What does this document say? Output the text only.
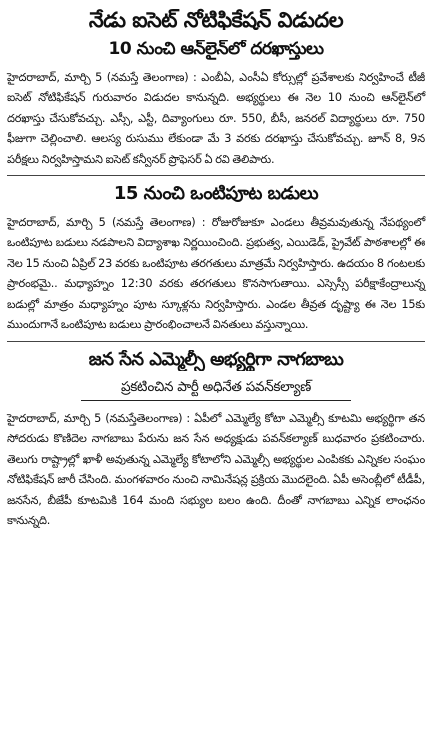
నేడు ఐసెట్ నోటిఫికేషన్ విడుదల
10 నుంచి ఆన్‌లైన్‌లో దరఖాస్తులు
హైదరాబాద్, మార్చి 5 (నమస్తే తెలంగాణ) : ఎంబీఏ, ఎంసీఏ కోర్సుల్లో ప్రవేశాలకు నిర్వహించే టీజీ ఐసెట్ నోటిఫికేషన్ గురువారం విడుదల కానున్నది. అభ్యర్థులు ఈ నెల 10 నుంచి ఆన్‌లైన్‌లో దరఖాస్తు చేసుకోవచ్చు. ఎస్సీ, ఎస్టీ, దివ్యాంగులు రూ. 550, బీసీ, జనరల్ విద్యార్థులు రూ. 750 ఫీజుగా చెల్లించాలి. ఆలస్య రుసుము లేకుండా మే 3 వరకు దరఖాస్తు చేసుకోవచ్చు. జూన్ 8, 9న పరీక్షలు నిర్వహిస్తామని ఐసెట్ కన్వీనర్ ప్రొఫెసర్ ఏ రవి తెలిపారు.
15 నుంచి ఒంటిపూట బడులు
హైదరాబాద్, మార్చి 5 (నమస్తే తెలంగాణ) : రోజురోజుకూ ఎండలు తీవ్రమవుతున్న నేపథ్యంలో ఒంటిపూట బడులు నడపాలని విద్యాశాఖ నిర్ణయించింది. ప్రభుత్వ, ఎయిడెడ్, ప్రైవేట్ పాఠశాలల్లో ఈ నెల 15 నుంచి ఏప్రిల్ 23 వరకు ఒంటిపూట తరగతులు మాత్రమే నిర్వహిస్తారు. ఉదయం 8 గంటలకు ప్రారంభమై.. మధ్యాహ్నం 12:30 వరకు తరగతులు కొనసాగుతాయి. ఎస్సెస్సీ పరీక్షాకేంద్రాలున్న బడుల్లో మాత్రం మధ్యాహ్నం పూట స్కూళ్లను నిర్వహిస్తారు. ఎండల తీవ్రత దృష్ట్యా ఈ నెల 15కు ముందుగానే ఒంటిపూట బడులు ప్రారంభించాలనే వినతులు వస్తున్నాయి.
జన సేన ఎమ్మెల్సీ అభ్యర్థిగా నాగబాబు
ప్రకటించిన పార్టీ అధినేత పవన్‌కల్యాణ్
హైదరాబాద్, మార్చి 5 (నమస్తేతెలంగాణ) : ఏపీలో ఎమ్మెల్యే కోటా ఎమ్మెల్సీ కూటమి అభ్యర్థిగా తన సోదరుడు కొణిదెల నాగబాబు పేరును జన సేన అధ్యక్షుడు పవన్‌కల్యాణ్ బుధవారం ప్రకటించారు. తెలుగు రాష్ట్రాల్లో ఖాళీ అవుతున్న ఎమ్మెల్యే కోటాలోని ఎమ్మెల్సీ అభ్యర్థుల ఎంపికకు ఎన్నికల సంఘం నోటిఫికేషన్ జారీ చేసింది. మంగళవారం నుంచి నామినేషన్ల ప్రక్రియ మొదలైంది. ఏపీ అసెంబ్లీలో టీడీపీ, జనసేన, బీజేపీ కూటమికి 164 మంది సభ్యుల బలం ఉంది. దీంతో నాగబాబు ఎన్నిక లాంఛనం కానున్నది.
